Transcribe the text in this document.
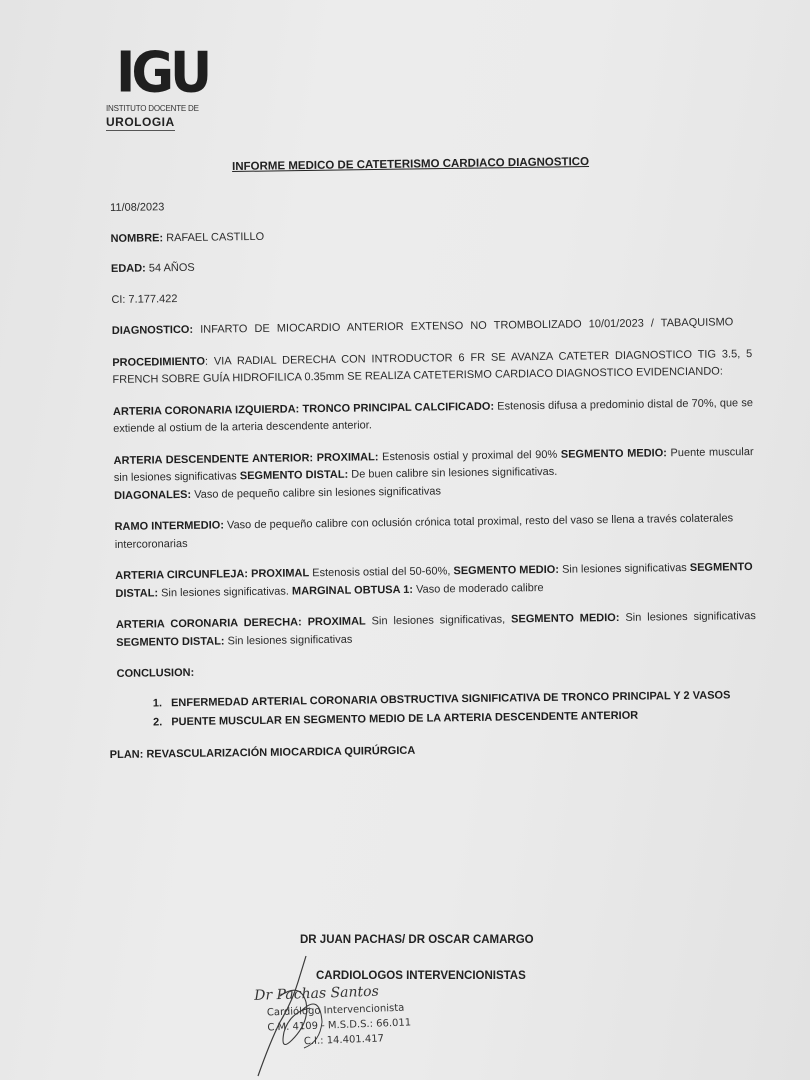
IGU
INSTITUTO DOCENTE DE
UROLOGIA
INFORME MEDICO DE CATETERISMO CARDIACO DIAGNOSTICO

11/08/2023

NOMBRE: RAFAEL CASTILLO

EDAD: 54 AÑOS

CI: 7.177.422

DIAGNOSTICO: INFARTO DE MIOCARDIO ANTERIOR EXTENSO NO TROMBOLIZADO 10/01/2023 / TABAQUISMO

PROCEDIMIENTO: VIA RADIAL DERECHA CON INTRODUCTOR 6 FR SE AVANZA CATETER DIAGNOSTICO TIG 3.5, 5 FRENCH SOBRE GUÍA HIDROFILICA 0.35mm SE REALIZA CATETERISMO CARDIACO DIAGNOSTICO EVIDENCIANDO:

ARTERIA CORONARIA IZQUIERDA: TRONCO PRINCIPAL CALCIFICADO: Estenosis difusa a predominio distal de 70%, que se extiende al ostium de la arteria descendente anterior.

ARTERIA DESCENDENTE ANTERIOR: PROXIMAL: Estenosis ostial y proximal del 90% SEGMENTO MEDIO: Puente muscular sin lesiones significativas SEGMENTO DISTAL: De buen calibre sin lesiones significativas.
DIAGONALES: Vaso de pequeño calibre sin lesiones significativas

RAMO INTERMEDIO: Vaso de pequeño calibre con oclusión crónica total proximal, resto del vaso se llena a través colaterales intercoronarias

ARTERIA CIRCUNFLEJA: PROXIMAL Estenosis ostial del 50-60%, SEGMENTO MEDIO: Sin lesiones significativas SEGMENTO DISTAL: Sin lesiones significativas. MARGINAL OBTUSA 1: Vaso de moderado calibre

ARTERIA CORONARIA DERECHA: PROXIMAL Sin lesiones significativas, SEGMENTO MEDIO: Sin lesiones significativas SEGMENTO DISTAL: Sin lesiones significativas

CONCLUSION:

1. ENFERMEDAD ARTERIAL CORONARIA OBSTRUCTIVA SIGNIFICATIVA DE TRONCO PRINCIPAL Y 2 VASOS
2. PUENTE MUSCULAR EN SEGMENTO MEDIO DE LA ARTERIA DESCENDENTE ANTERIOR

PLAN: REVASCULARIZACIÓN MIOCARDICA QUIRÚRGICA

DR JUAN PACHAS/ DR OSCAR CAMARGO
CARDIOLOGOS INTERVENCIONISTAS
Dr Pachas Santos
Cardiólogo Intervencionista
C.M. 4109 - M.S.D.S.: 66.011
C.I.: 14.401.417
